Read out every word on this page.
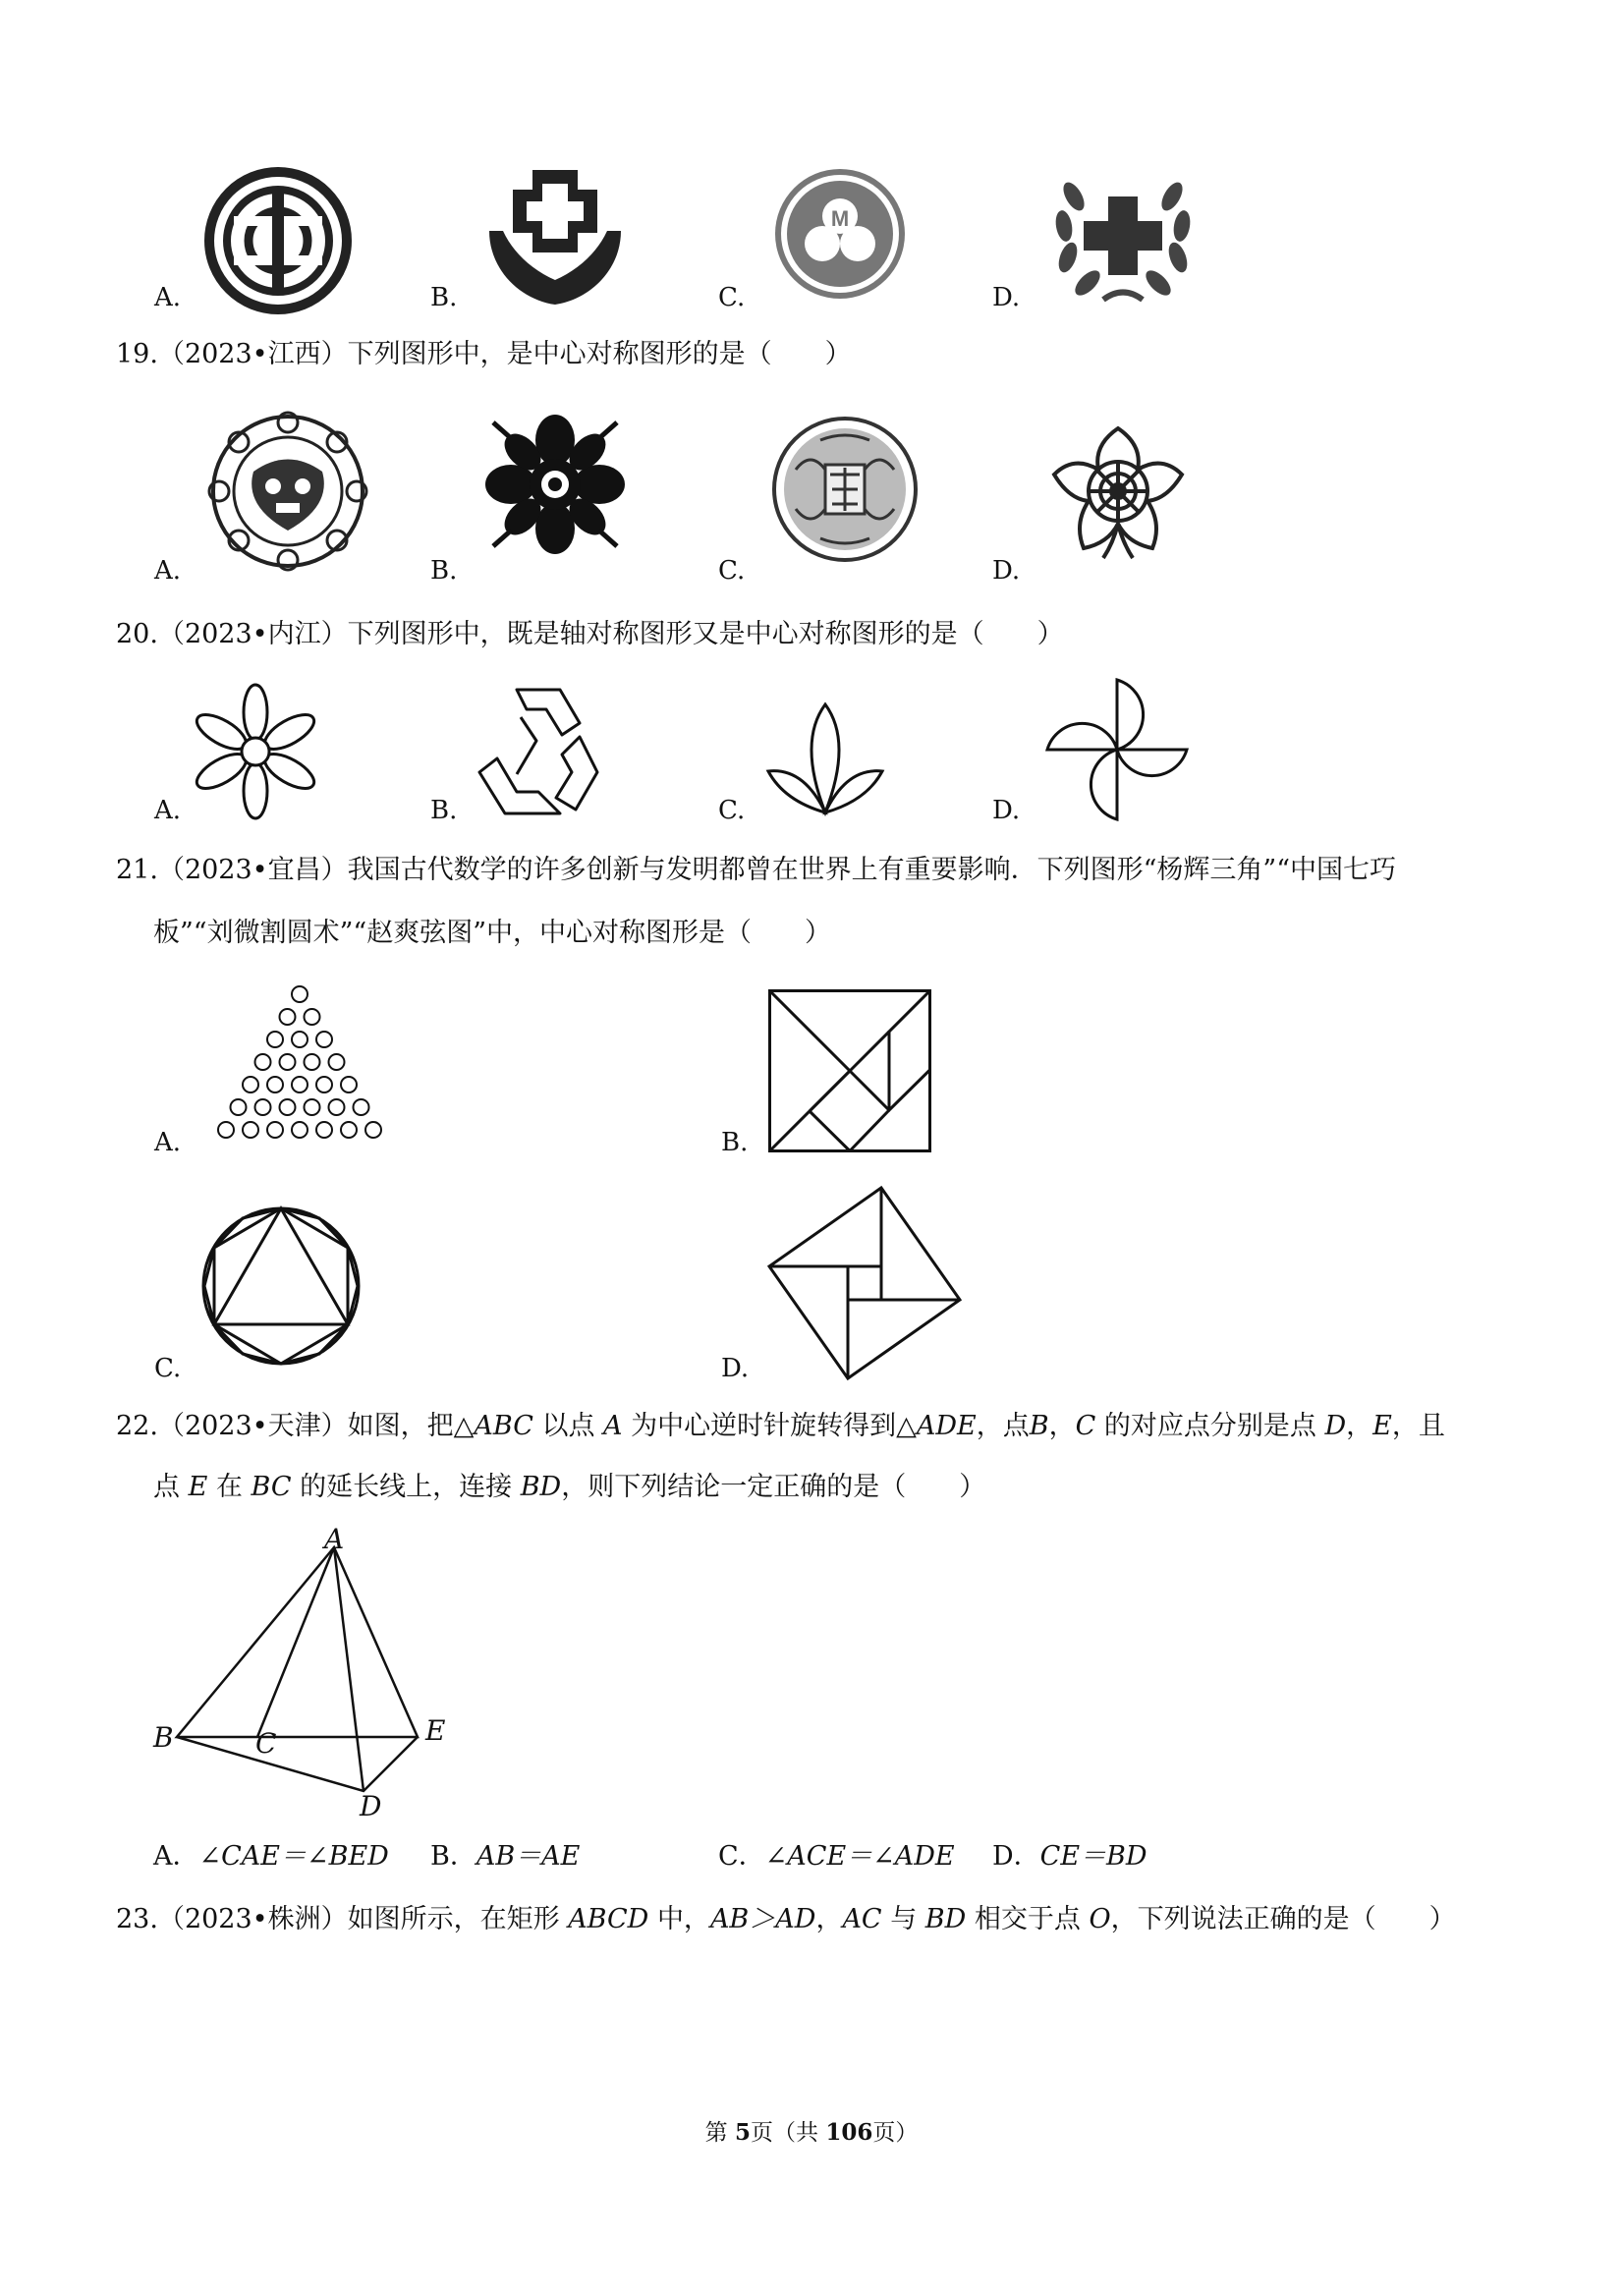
A.	B.
M
C.	D.
19.（2023•江西）下列图形中，是中心对称图形的是（　　）
A.	B.	C.	D.
20.（2023•内江）下列图形中，既是轴对称图形又是中心对称图形的是（　　）
A.	B.	C.	D.
21.（2023•宜昌）我国古代数学的许多创新与发明都曾在世界上有重要影响．下列图形“杨辉三角”“中国七巧
板”“刘微割圆术”“赵爽弦图”中，中心对称图形是（　　）
A.	B.
C.	D.
22.（2023•天津）如图，把△ABC 以点 A 为中心逆时针旋转得到△ADE，点B，C 的对应点分别是点 D，E，且
点 E 在 BC 的延长线上，连接 BD，则下列结论一定正确的是（　　）
A
B	C
D
E
A．∠CAE＝∠BED B．AB＝AE	C．∠ACE＝∠ADE D．CE＝BD
23.（2023•株洲）如图所示，在矩形 ABCD 中，AB＞AD，AC 与 BD 相交于点 O，下列说法正确的是（　　）
第 5页（共 106页）
